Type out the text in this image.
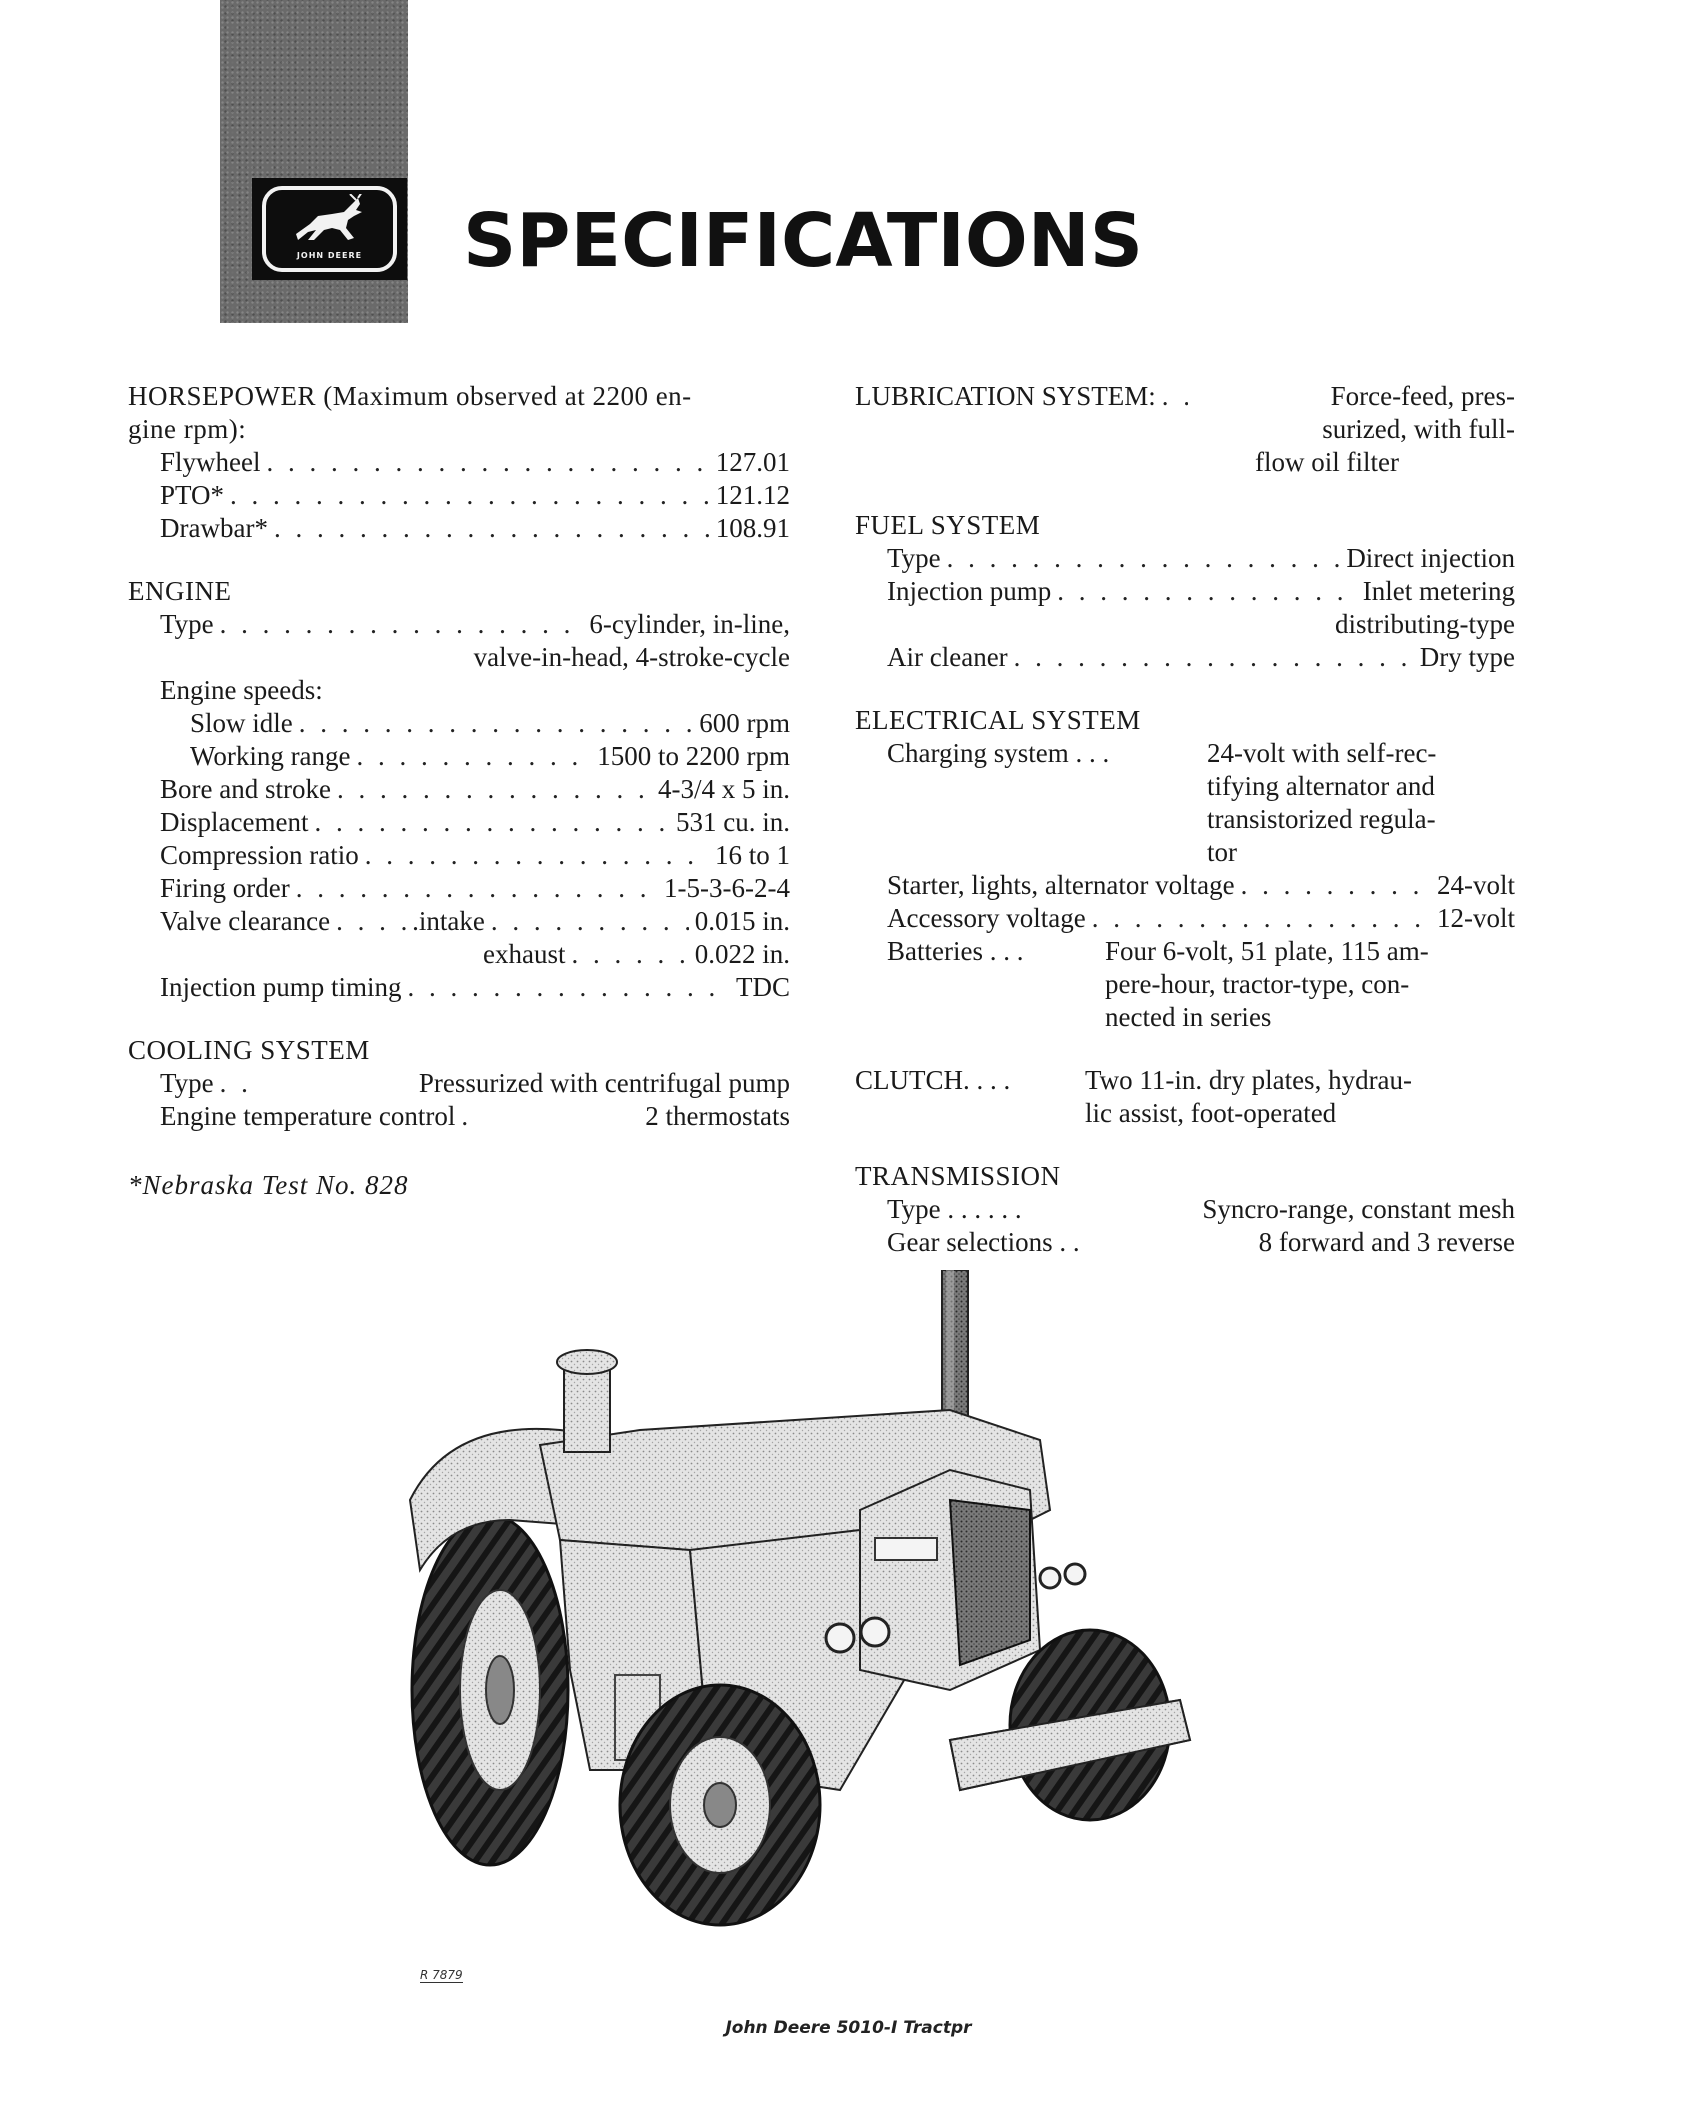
JOHN DEERE	SPECIFICATIONS
HORSEPOWER (Maximum observed at 2200 en-
gine rpm):
Flywheel . . .	127.01
PTO* . . .	121.12
Drawbar* . . .	108.91
ENGINE
Type . . .	6-cylinder, in-line,
valve-in-head, 4-stroke-cycle
Engine speeds:
Slow idle . . .	600 rpm
Working range . . .	1500 to 2200 rpm
Bore and stroke . . .	4-3/4 x 5 in.
Displacement . . .	531 cu. in.
Compression ratio . . .	16 to 1
Firing order . . .	1-5-3-6-2-4
Valve clearance . . .	.intake . . .	0.015 in.
exhaust . . .	0.022 in.
Injection pump timing . . .	TDC
COOLING SYSTEM
Type . . .	Pressurized with centrifugal pump
Engine temperature control . . .	2 thermostats
*Nebraska Test No. 828
LUBRICATION SYSTEM: . . .	Force-feed, pres-
surized, with full-
flow oil filter
FUEL SYSTEM
Type . . .	Direct injection
Injection pump . . .	Inlet metering
distributing-type
Air cleaner . . .	Dry type
ELECTRICAL SYSTEM
Charging system . . .	24-volt with self-rec-
tifying alternator and
transistorized regula-
tor
Starter, lights, alternator voltage . . .	24-volt
Accessory voltage . . .	12-volt
Batteries . . .	Four 6-volt, 51 plate, 115 am-
pere-hour, tractor-type, con-
nected in series
CLUTCH. . . .	Two 11-in. dry plates, hydrau-
lic assist, foot-operated
TRANSMISSION
Type . . . . . .	Syncro-range, constant mesh
Gear selections . .	8 forward and 3 reverse
R 7879
John Deere 5010-I Tractpr
